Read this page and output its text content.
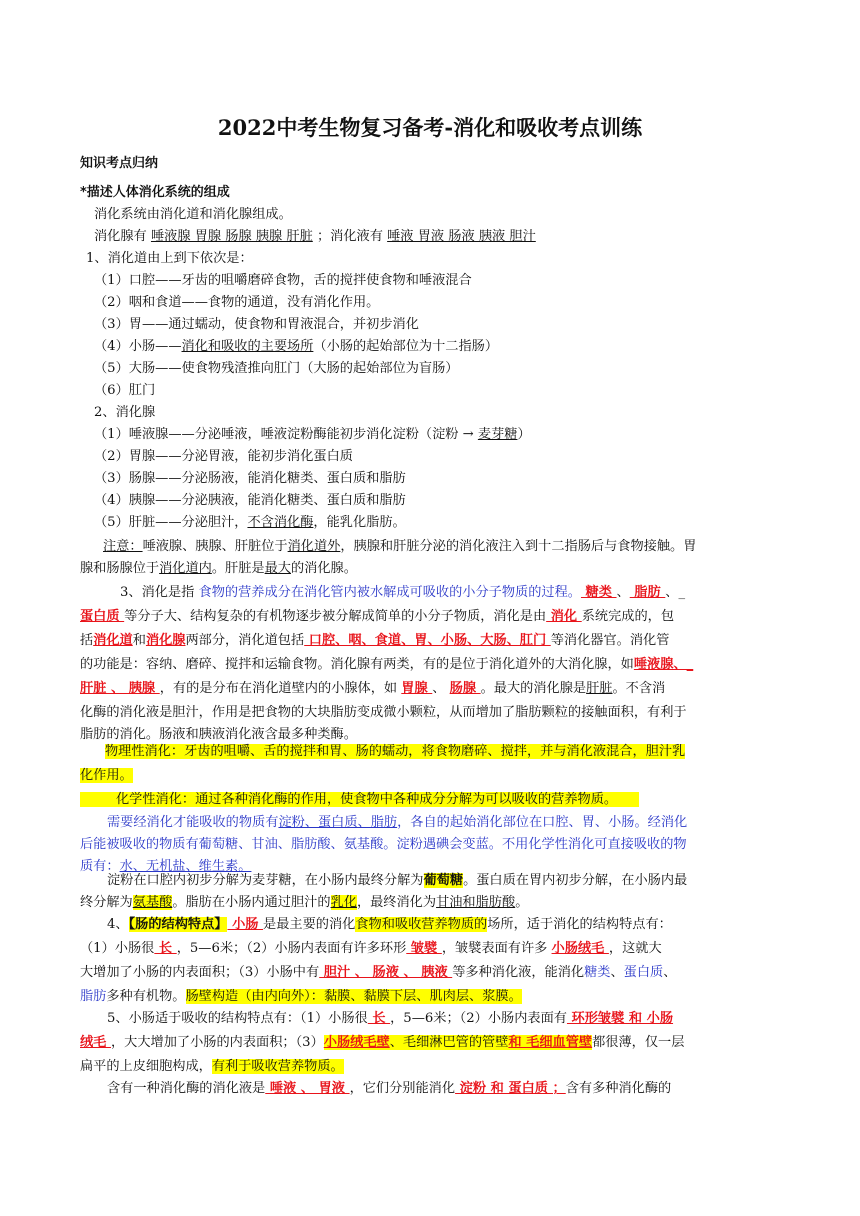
2022中考生物复习备考-消化和吸收考点训练
知识考点归纳
*描述人体消化系统的组成
消化系统由消化道和消化腺组成。
消化腺有 唾液腺 胃腺 肠腺 胰腺 肝脏 ；消化液有 唾液 胃液 肠液 胰液 胆汁
1、消化道由上到下依次是：
（1）口腔——牙齿的咀嚼磨碎食物，舌的搅拌使食物和唾液混合
（2）咽和食道——食物的通道，没有消化作用。
（3）胃——通过蠕动，使食物和胃液混合，并初步消化
（4）小肠——消化和吸收的主要场所（小肠的起始部位为十二指肠）
（5）大肠——使食物残渣推向肛门（大肠的起始部位为盲肠）
（6）肛门
2、消化腺
（1）唾液腺——分泌唾液，唾液淀粉酶能初步消化淀粉（淀粉 → 麦芽糖）
（2）胃腺——分泌胃液，能初步消化蛋白质
（3）肠腺——分泌肠液，能消化糖类、蛋白质和脂肪
（4）胰腺——分泌胰液，能消化糖类、蛋白质和脂肪
（5）肝脏——分泌胆汁，不含消化酶，能乳化脂肪。
注意：唾液腺、胰腺、肝脏位于消化道外，胰腺和肝脏分泌的消化液注入到十二指肠后与食物接触。胃
腺和肠腺位于消化道内。肝脏是最大的消化腺。
3、消化是指 食物的营养成分在消化管内被水解成可吸收的小分子物质的过程。 糖类 、 脂肪 、_
蛋白质 等分子大、结构复杂的有机物逐步被分解成简单的小分子物质，消化是由 消化 系统完成的，包
括消化道和消化腺两部分，消化道包括 口腔、咽、食道、胃、小肠、大肠、肛门 等消化器官。消化管
的功能是：容纳、磨碎、搅拌和运输食物。消化腺有两类，有的是位于消化道外的大消化腺，如唾液腺、_
肝脏 、 胰腺 ，有的是分布在消化道壁内的小腺体，如 胃腺 、 肠腺 。最大的消化腺是肝脏。不含消
化酶的消化液是胆汁，作用是把食物的大块脂肪变成微小颗粒，从而增加了脂肪颗粒的接触面积，有利于
脂肪的消化。肠液和胰液消化液含最多种类酶。
物理性消化：牙齿的咀嚼、舌的搅拌和胃、肠的蠕动，将食物磨碎、搅拌，并与消化液混合，胆汁乳
化作用。
化学性消化：通过各种消化酶的作用，使食物中各种成分分解为可以吸收的营养物质。
需要经消化才能吸收的物质有淀粉、蛋白质、脂肪，各自的起始消化部位在口腔、胃、小肠。经消化
后能被吸收的物质有葡萄糖、甘油、脂肪酸、氨基酸。淀粉遇碘会变蓝。不用化学性消化可直接吸收的物
质有：水、无机盐、维生素。
淀粉在口腔内初步分解为麦芽糖，在小肠内最终分解为葡萄糖。蛋白质在胃内初步分解，在小肠内最
终分解为氨基酸。脂肪在小肠内通过胆汁的乳化，最终消化为甘油和脂肪酸。
4、【肠的结构特点】 小肠 是最主要的消化食物和吸收营养物质的场所，适于消化的结构特点有：
（1）小肠很 长 ，5—6米；（2）小肠内表面有许多环形 皱襞 ，皱襞表面有许多 小肠绒毛 ，这就大
大增加了小肠的内表面积；（3）小肠中有 胆汁 、 肠液 、 胰液 等多种消化液，能消化糖类、蛋白质、
脂肪多种有机物。肠壁构造（由内向外）：黏膜、黏膜下层、肌肉层、浆膜。
5、小肠适于吸收的结构特点有：（1）小肠很 长 ，5—6米；（2）小肠内表面有 环形皱襞 和 小肠
绒毛 ，大大增加了小肠的内表面积；（3）小肠绒毛壁、毛细淋巴管的管壁和 毛细血管壁都很薄，仅一层
扁平的上皮细胞构成，有利于吸收营养物质。
含有一种消化酶的消化液是 唾液 、 胃液 ，它们分别能消化 淀粉 和 蛋白质 ；含有多种消化酶的
